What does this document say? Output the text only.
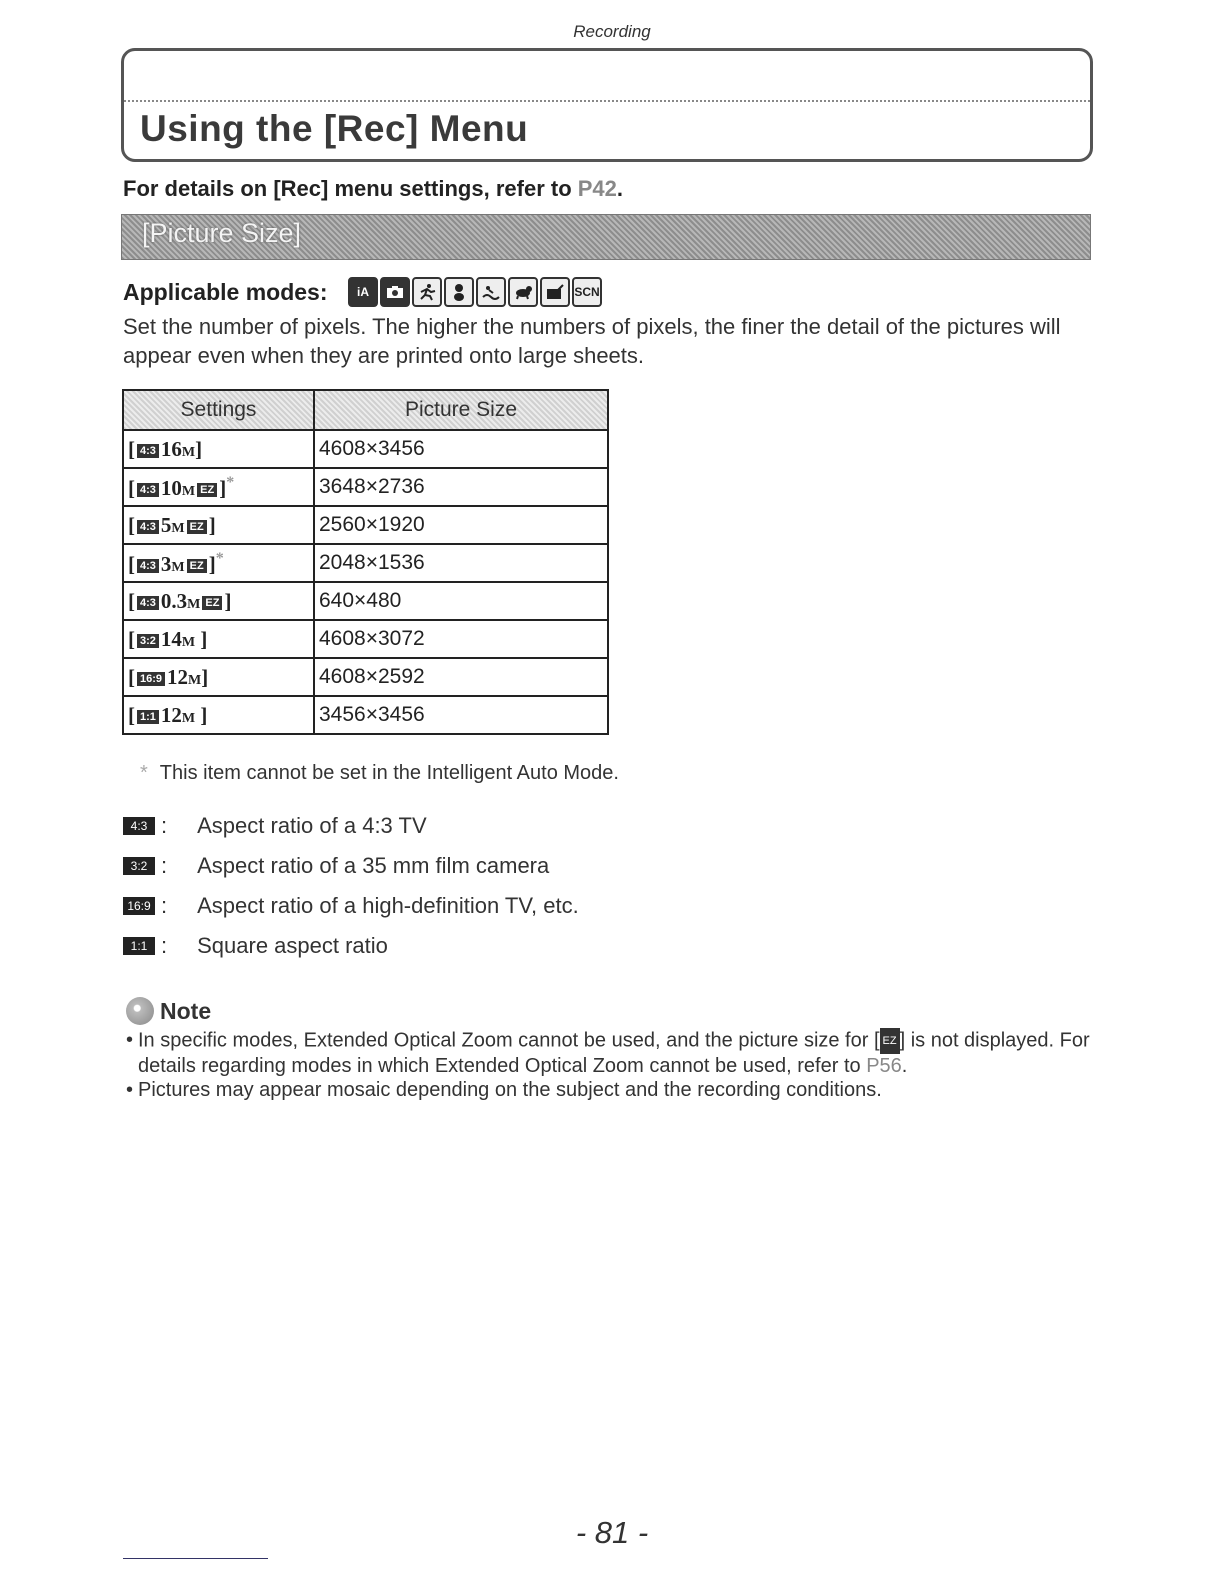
Recording
Using the [Rec] Menu
For details on [Rec] menu settings, refer to P42.
[Picture Size]
Applicable modes:	iA	SCN
Set the number of pixels. The higher the numbers of pixels, the finer the detail of the pictures will appear even when they are printed onto large sheets.
Settings	Picture Size
[ 4:3 16M]	4608×3456
[ 4:3 10M EZ ]*	3648×2736
[ 4:3 5M EZ ]	2560×1920
[ 4:3 3M EZ ]*	2048×1536
[ 4:3 0.3M EZ ]	640×480
[ 3:2 14M ]	4608×3072
[ 16:9 12M]	4608×2592
[ 1:1 12M ]	3456×3456
* This item cannot be set in the Intelligent Auto Mode.
4:3 : Aspect ratio of a 4:3 TV
3:2 : Aspect ratio of a 35 mm film camera
16:9 : Aspect ratio of a high-definition TV, etc.
1:1 : Square aspect ratio
Note
• In specific modes, Extended Optical Zoom cannot be used, and the picture size for [ EZ ] is not displayed. For details regarding modes in which Extended Optical Zoom cannot be used, refer to P56.
• Pictures may appear mosaic depending on the subject and the recording conditions.
- 81 -
